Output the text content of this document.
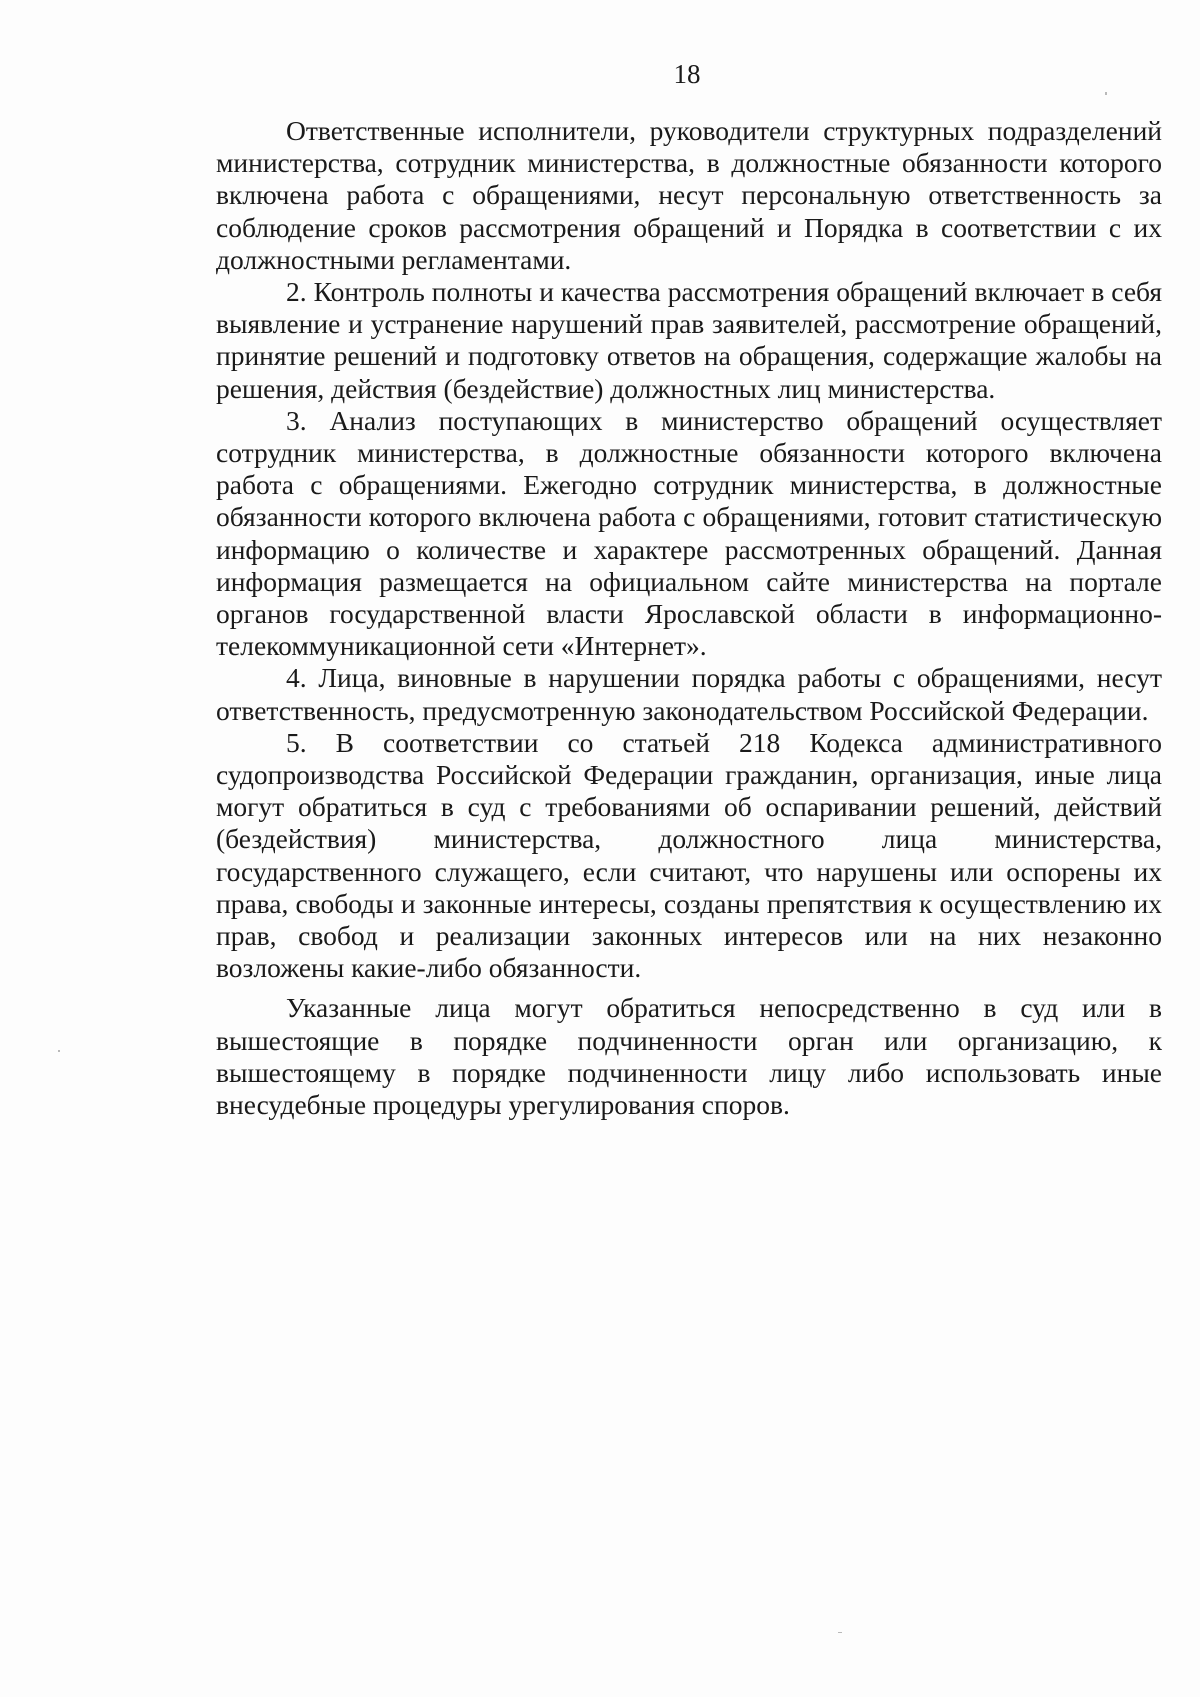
18

Ответственные исполнители, руководители структурных подразделений министерства, сотрудник министерства, в должностные обязанности которого включена работа с обращениями, несут персональную ответственность за соблюдение сроков рассмотрения обращений и Порядка в соответствии с их должностными регламентами.

2. Контроль полноты и качества рассмотрения обращений включает в себя выявление и устранение нарушений прав заявителей, рассмотрение обращений, принятие решений и подготовку ответов на обращения, содержащие жалобы на решения, действия (бездействие) должностных лиц министерства.

3. Анализ поступающих в министерство обращений осуществляет сотрудник министерства, в должностные обязанности которого включена работа с обращениями. Ежегодно сотрудник министерства, в должностные обязанности которого включена работа с обращениями, готовит статистическую информацию о количестве и характере рассмотренных обращений. Данная информация размещается на официальном сайте министерства на портале органов государственной власти Ярославской области в информационно-телекоммуникационной сети «Интернет».

4. Лица, виновные в нарушении порядка работы с обращениями, несут ответственность, предусмотренную законодательством Российской Федерации.

5. В соответствии со статьей 218 Кодекса административного судопроизводства Российской Федерации гражданин, организация, иные лица могут обратиться в суд с требованиями об оспаривании решений, действий (бездействия) министерства, должностного лица министерства, государственного служащего, если считают, что нарушены или оспорены их права, свободы и законные интересы, созданы препятствия к осуществлению их прав, свобод и реализации законных интересов или на них незаконно возложены какие-либо обязанности.

Указанные лица могут обратиться непосредственно в суд или в вышестоящие в порядке подчиненности орган или организацию, к вышестоящему в порядке подчиненности лицу либо использовать иные внесудебные процедуры урегулирования споров.
